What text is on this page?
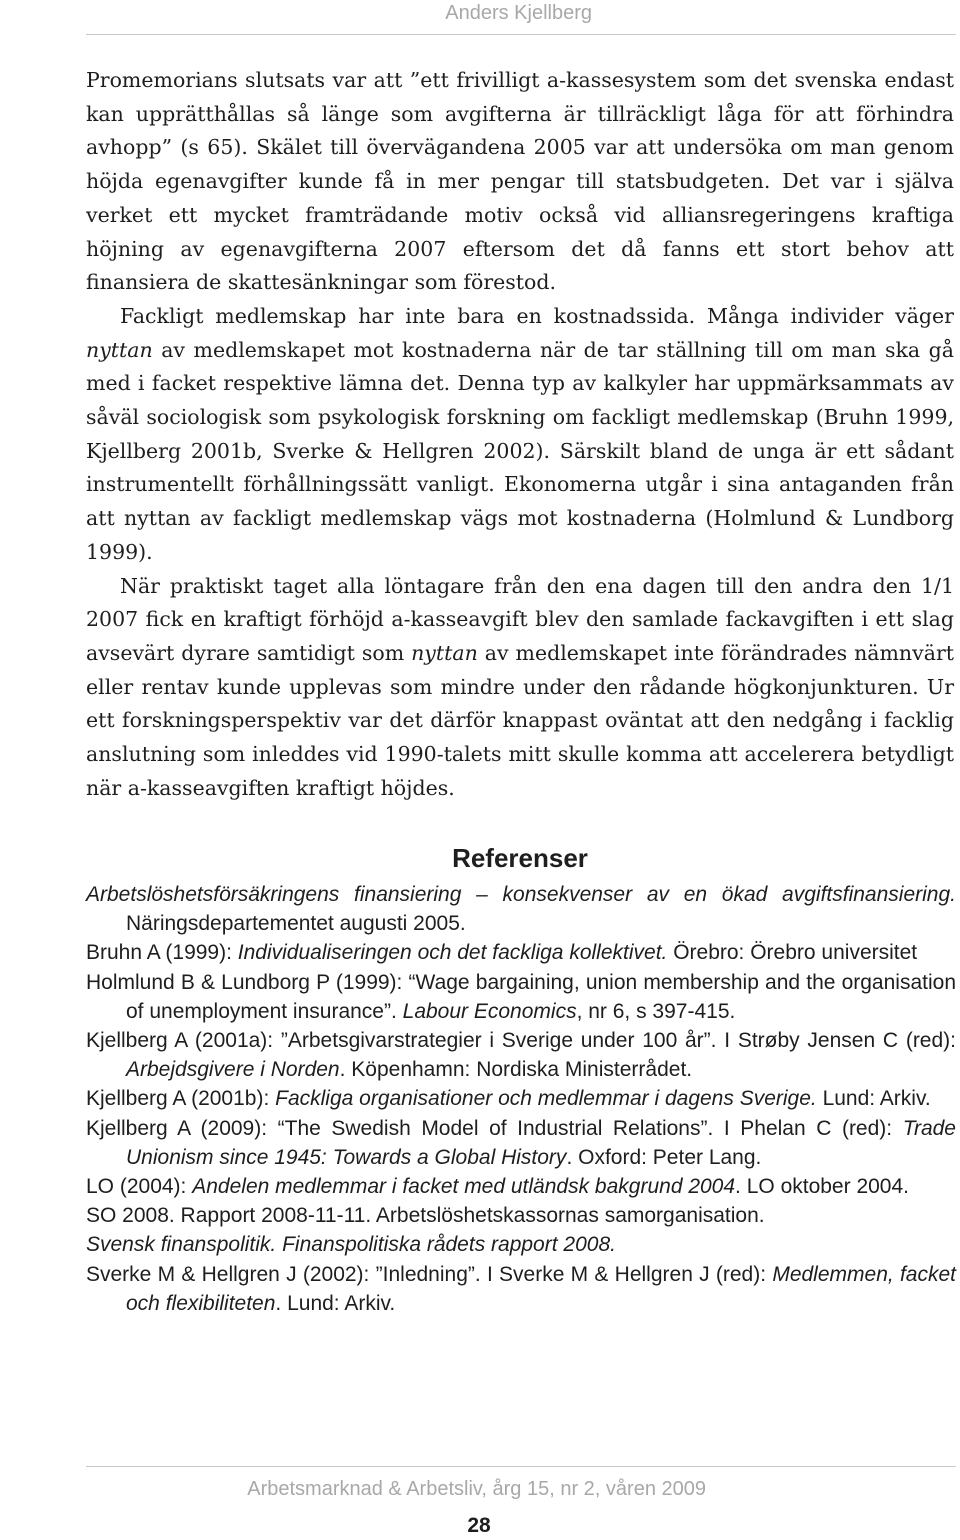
Anders Kjellberg

Promemorians slutsats var att ”ett frivilligt a-kassesystem som det svenska endast kan upprätthållas så länge som avgifterna är tillräckligt låga för att förhindra avhopp” (s 65). Skälet till övervägandena 2005 var att undersöka om man genom höjda egenavgifter kunde få in mer pengar till statsbudgeten. Det var i själva verket ett mycket framträdande motiv också vid alliansregeringens kraftiga höjning av egenavgifterna 2007 eftersom det då fanns ett stort behov att finansiera de skattesänkningar som förestod.

Fackligt medlemskap har inte bara en kostnadssida. Många individer väger nyttan av medlemskapet mot kostnaderna när de tar ställning till om man ska gå med i facket respektive lämna det. Denna typ av kalkyler har uppmärksammats av såväl sociologisk som psykologisk forskning om fackligt medlemskap (Bruhn 1999, Kjellberg 2001b, Sverke & Hellgren 2002). Särskilt bland de unga är ett sådant instrumentellt förhållningssätt vanligt. Ekonomerna utgår i sina antaganden från att nyttan av fackligt medlemskap vägs mot kostnaderna (Holmlund & Lundborg 1999).

När praktiskt taget alla löntagare från den ena dagen till den andra den 1/1 2007 fick en kraftigt förhöjd a-kasseavgift blev den samlade fackavgiften i ett slag avsevärt dyrare samtidigt som nyttan av medlemskapet inte förändrades nämnvärt eller rentav kunde upplevas som mindre under den rådande högkonjunkturen. Ur ett forskningsperspektiv var det därför knappast oväntat att den nedgång i facklig anslutning som inleddes vid 1990-talets mitt skulle komma att accelerera betydligt när a-kasseavgiften kraftigt höjdes.

Referenser

Arbetslöshetsförsäkringens finansiering – konsekvenser av en ökad avgiftsfinansiering. Näringsdepartementet augusti 2005.

Bruhn A (1999): Individualiseringen och det fackliga kollektivet. Örebro: Örebro universitet

Holmlund B & Lundborg P (1999): “Wage bargaining, union membership and the organisation of unemployment insurance”. Labour Economics, nr 6, s 397-415.

Kjellberg A (2001a): ”Arbetsgivarstrategier i Sverige under 100 år”. I Strøby Jensen C (red): Arbejdsgivere i Norden. Köpenhamn: Nordiska Ministerrådet.

Kjellberg A (2001b): Fackliga organisationer och medlemmar i dagens Sverige. Lund: Arkiv.

Kjellberg A (2009): “The Swedish Model of Industrial Relations”. I Phelan C (red): Trade Unionism since 1945: Towards a Global History. Oxford: Peter Lang.

LO (2004): Andelen medlemmar i facket med utländsk bakgrund 2004. LO oktober 2004.

SO 2008. Rapport 2008-11-11. Arbetslöshetskassornas samorganisation.

Svensk finanspolitik. Finanspolitiska rådets rapport 2008.

Sverke M & Hellgren J (2002): ”Inledning”. I Sverke M & Hellgren J (red): Medlemmen, facket och flexibiliteten. Lund: Arkiv.

Arbetsmarknad & Arbetsliv, årg 15, nr 2, våren 2009
28
